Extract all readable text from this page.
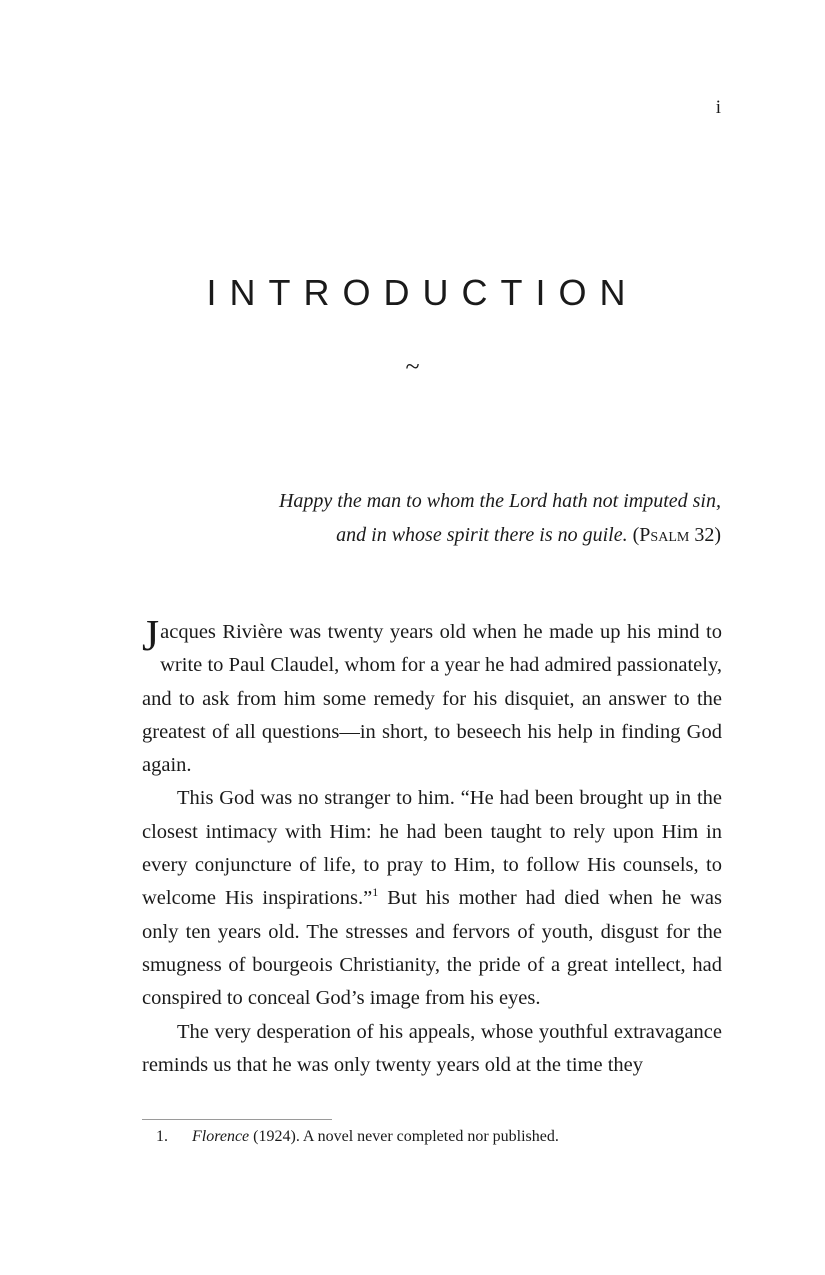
i
INTRODUCTION
~
Happy the man to whom the Lord hath not imputed sin,
and in whose spirit there is no guile. (Psalm 32)

Jacques Rivière was twenty years old when he made up his mind to write to Paul Claudel, whom for a year he had admired passionately, and to ask from him some remedy for his disquiet, an answer to the greatest of all questions—in short, to beseech his help in finding God again.

This God was no stranger to him. “He had been brought up in the closest intimacy with Him: he had been taught to rely upon Him in every conjuncture of life, to pray to Him, to follow His counsels, to welcome His inspirations.”$^1$ But his mother had died when he was only ten years old. The stresses and fervors of youth, disgust for the smugness of bourgeois Christianity, the pride of a great intellect, had conspired to conceal God’s image from his eyes.

The very desperation of his appeals, whose youthful extravagance reminds us that he was only twenty years old at the time they

1. Florence (1924). A novel never completed nor published.
